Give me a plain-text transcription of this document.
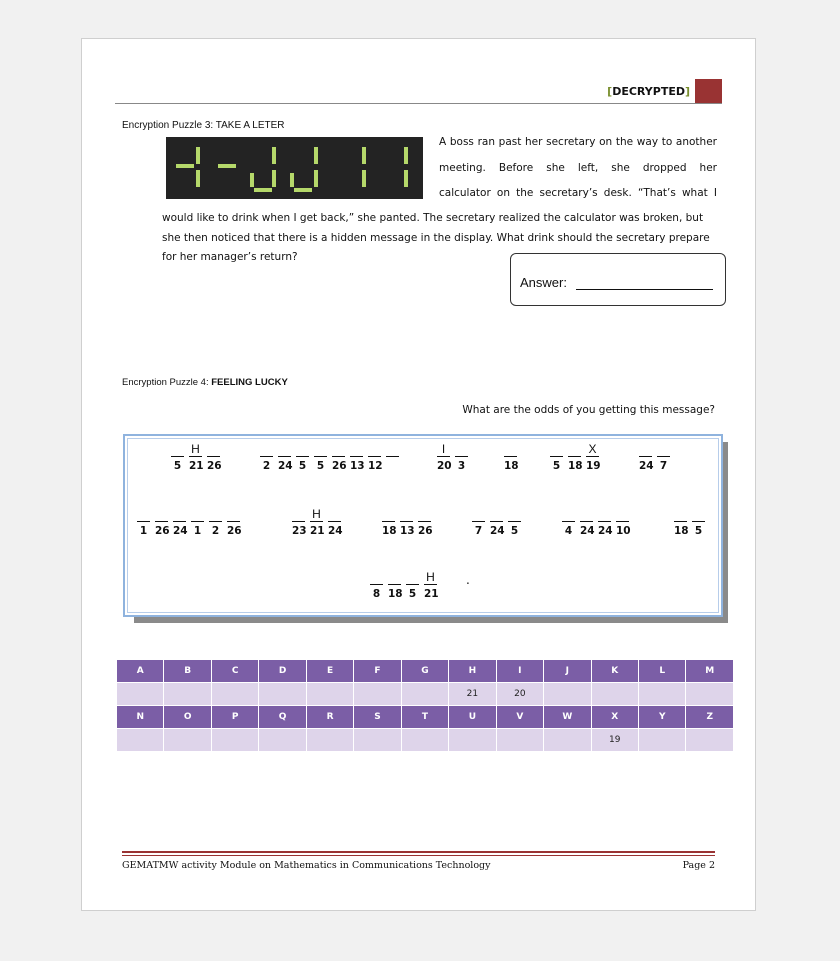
[DECRYPTED]
Encryption Puzzle 3: TAKE A LETER
A boss ran past her secretary on the way to another
meeting. Before she left, she dropped her
calculator on the secretary’s desk. “That’s what I
would like to drink when I get back,” she panted. The secretary realized the calculator was broken, but
she then noticed that there is a hidden message in the display. What drink should the secretary prepare
for her manager’s return?
Answer:
Encryption Puzzle 4: FEELING LUCKY
What are the odds of you getting this message?
H
5 21 26	2 24 5 5 26 13 12
I
20 3	18
X
5 18 19	24 7
1 26 24 1 2 26
H
23 21 24	18 13 26	7 24 5	4 24 24 10	18 5
H
8 18 5 21
.
A	B	C	D	E	F	G	H	I	J	K	L	M
							21	20				
N	O	P	Q	R	S	T	U	V	W	X	Y	Z
										19		
GEMATMW activity Module on Mathematics in Communications Technology	Page 2
